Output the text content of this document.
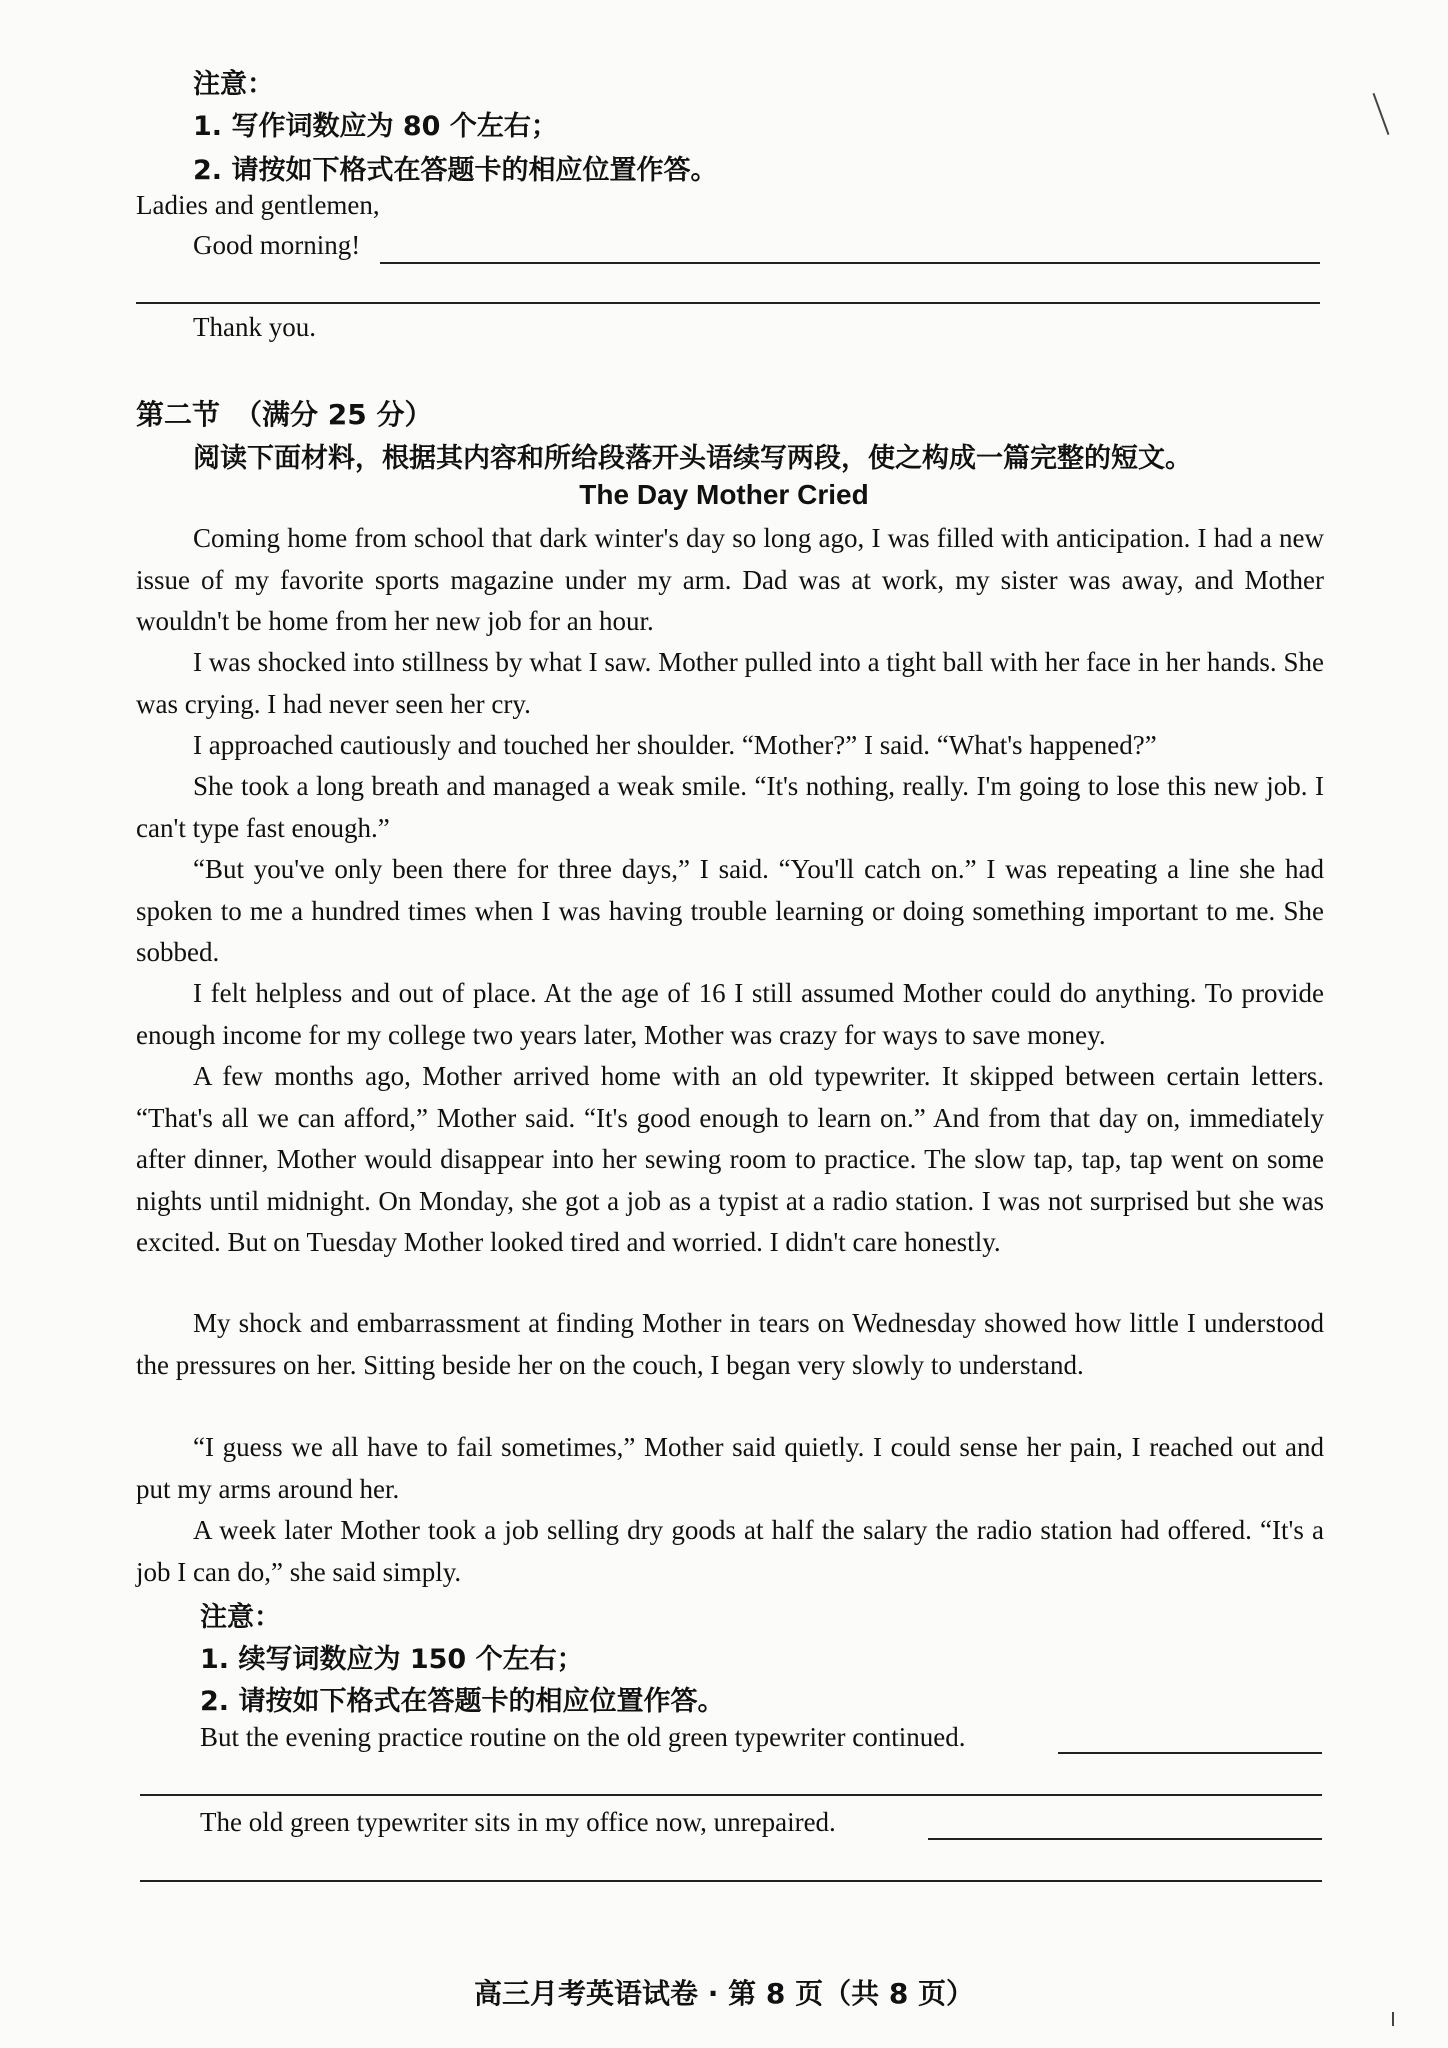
注意：
1. 写作词数应为 80 个左右；
2. 请按如下格式在答题卡的相应位置作答。
Ladies and gentlemen,
Good morning!
Thank you.
第二节　（满分 25 分）
阅读下面材料，根据其内容和所给段落开头语续写两段，使之构成一篇完整的短文。
The Day Mother Cried
Coming home from school that dark winter's day so long ago, I was filled with anticipation. I had a new issue of my favorite sports magazine under my arm. Dad was at work, my sister was away, and Mother wouldn't be home from her new job for an hour.
I was shocked into stillness by what I saw. Mother pulled into a tight ball with her face in her hands. She was crying. I had never seen her cry.
I approached cautiously and touched her shoulder. “Mother?” I said. “What's happened?”
She took a long breath and managed a weak smile. “It's nothing, really. I'm going to lose this new job. I can't type fast enough.”
“But you've only been there for three days,” I said. “You'll catch on.” I was repeating a line she had spoken to me a hundred times when I was having trouble learning or doing something important to me. She sobbed.
I felt helpless and out of place. At the age of 16 I still assumed Mother could do anything. To provide enough income for my college two years later, Mother was crazy for ways to save money.
A few months ago, Mother arrived home with an old typewriter. It skipped between certain letters. “That's all we can afford,” Mother said. “It's good enough to learn on.” And from that day on, immediately after dinner, Mother would disappear into her sewing room to practice. The slow tap, tap, tap went on some nights until midnight. On Monday, she got a job as a typist at a radio station. I was not surprised but she was excited. But on Tuesday Mother looked tired and worried. I didn't care honestly.
My shock and embarrassment at finding Mother in tears on Wednesday showed how little I understood the pressures on her. Sitting beside her on the couch, I began very slowly to understand.
“I guess we all have to fail sometimes,” Mother said quietly. I could sense her pain, I reached out and put my arms around her.
A week later Mother took a job selling dry goods at half the salary the radio station had offered. “It's a job I can do,” she said simply.
注意：
1. 续写词数应为 150 个左右；
2. 请按如下格式在答题卡的相应位置作答。
But the evening practice routine on the old green typewriter continued.
The old green typewriter sits in my office now, unrepaired.
高三月考英语试卷 · 第 8 页（共 8 页）
